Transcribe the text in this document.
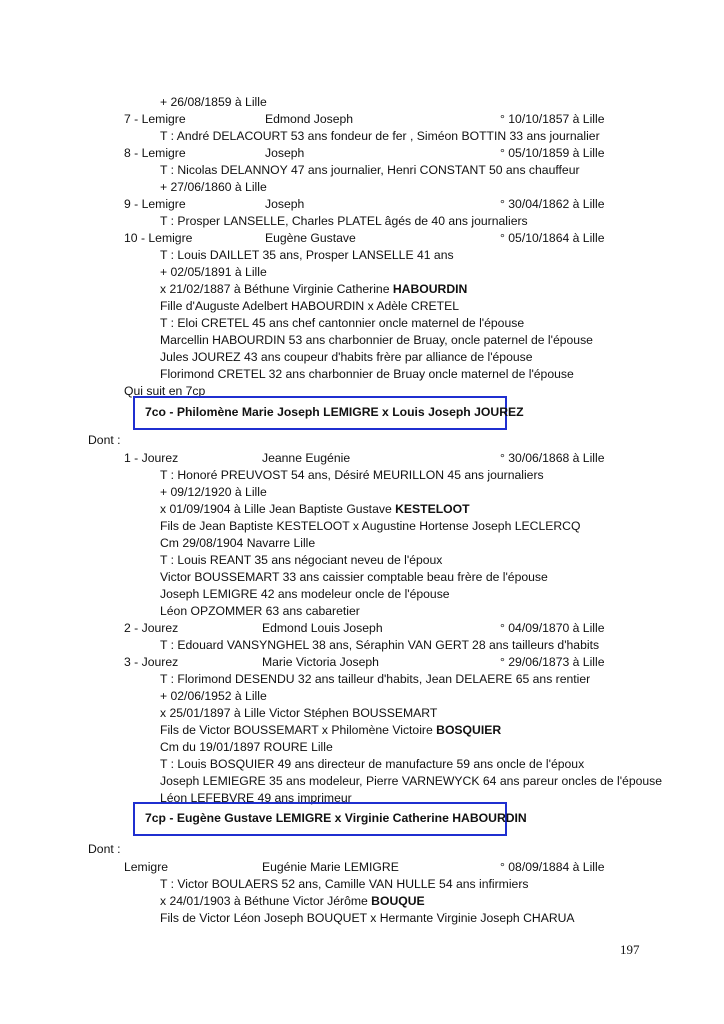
+ 26/08/1859 à Lille
7 - Lemigre	Edmond Joseph	° 10/10/1857 à Lille
T : André DELACOURT 53 ans fondeur de fer , Siméon BOTTIN 33 ans journalier
8 - Lemigre	Joseph	° 05/10/1859 à Lille
T : Nicolas DELANNOY 47 ans journalier, Henri CONSTANT 50 ans chauffeur
+ 27/06/1860 à Lille
9 - Lemigre	Joseph	° 30/04/1862 à Lille
T : Prosper LANSELLE, Charles PLATEL âgés de 40 ans journaliers
10 - Lemigre	Eugène Gustave	° 05/10/1864 à Lille
T : Louis DAILLET 35 ans, Prosper LANSELLE 41 ans
+ 02/05/1891 à Lille
x 21/02/1887 à Béthune Virginie Catherine HABOURDIN
Fille d'Auguste Adelbert HABOURDIN x Adèle CRETEL
T : Eloi CRETEL 45 ans chef cantonnier oncle maternel de l'épouse
Marcellin HABOURDIN 53 ans charbonnier de Bruay, oncle paternel de l'épouse
Jules JOUREZ 43 ans coupeur d'habits frère par alliance de l'épouse
Florimond CRETEL 32 ans charbonnier de Bruay oncle maternel de l'épouse
Qui suit en 7cp
7co - Philomène Marie Joseph LEMIGRE x Louis Joseph JOUREZ
Dont :
1 - Jourez	Jeanne Eugénie	° 30/06/1868 à Lille
T : Honoré PREUVOST 54 ans, Désiré MEURILLON 45 ans journaliers
+ 09/12/1920 à Lille
x 01/09/1904 à Lille Jean Baptiste Gustave KESTELOOT
Fils de Jean Baptiste KESTELOOT x Augustine Hortense Joseph LECLERCQ
Cm 29/08/1904 Navarre Lille
T : Louis REANT 35 ans négociant neveu de l'époux
Victor BOUSSEMART 33 ans caissier comptable beau frère de l'épouse
Joseph LEMIGRE 42 ans modeleur oncle de l'épouse
Léon OPZOMMER 63 ans cabaretier
2 - Jourez	Edmond Louis Joseph	° 04/09/1870 à Lille
T : Edouard VANSYNGHEL 38 ans, Séraphin VAN GERT 28 ans tailleurs d'habits
3 - Jourez	Marie Victoria Joseph	° 29/06/1873 à Lille
T : Florimond DESENDU 32 ans tailleur d'habits, Jean DELAERE 65 ans rentier
+ 02/06/1952 à Lille
x 25/01/1897 à Lille Victor Stéphen BOUSSEMART
Fils de Victor BOUSSEMART x Philomène Victoire BOSQUIER
Cm du 19/01/1897 ROURE Lille
T : Louis BOSQUIER 49 ans directeur de manufacture 59 ans oncle de l'époux
Joseph LEMIEGRE 35 ans modeleur, Pierre VARNEWYCK 64 ans pareur oncles de l'épouse
Léon LEFEBVRE 49 ans imprimeur
7cp - Eugène Gustave LEMIGRE x Virginie Catherine HABOURDIN
Dont :
Lemigre	Eugénie Marie LEMIGRE	° 08/09/1884 à Lille
T : Victor BOULAERS 52 ans, Camille VAN HULLE 54 ans infirmiers
x 24/01/1903 à Béthune Victor Jérôme BOUQUE
Fils de Victor Léon Joseph BOUQUET x Hermante Virginie Joseph CHARUA
197
